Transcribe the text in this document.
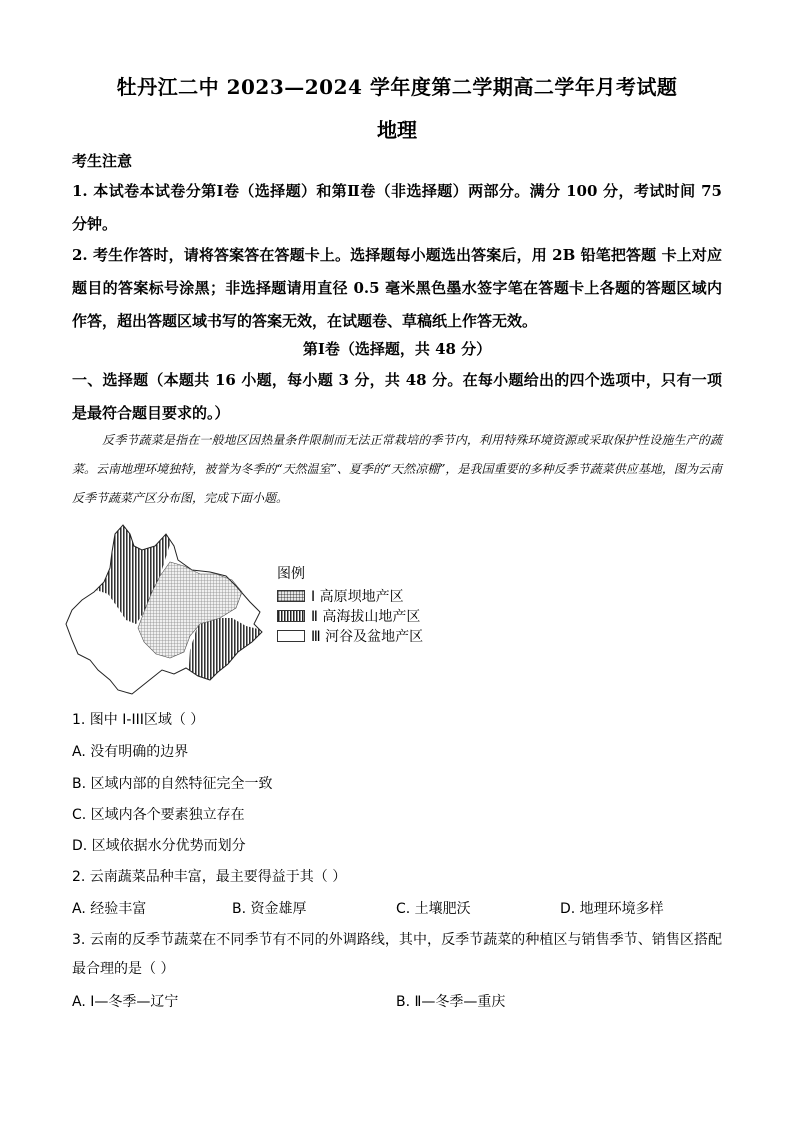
牡丹江二中 2023—2024 学年度第二学期高二学年月考试题
地理
考生注意
1. 本试卷本试卷分第Ⅰ卷（选择题）和第Ⅱ卷（非选择题）两部分。满分 100 分，考试时间 75 分钟。
2. 考生作答时，请将答案答在答题卡上。选择题每小题选出答案后，用 2B 铅笔把答题 卡上对应题目的答案标号涂黑；非选择题请用直径 0.5 毫米黑色墨水签字笔在答题卡上各题的答题区域内作答，超出答题区域书写的答案无效，在试题卷、草稿纸上作答无效。
第Ⅰ卷（选择题，共 48 分）
一、选择题（本题共 16 小题，每小题 3 分，共 48 分。在每小题给出的四个选项中，只有一项是最符合题目要求的。）
反季节蔬菜是指在一般地区因热量条件限制而无法正常栽培的季节内，利用特殊环境资源或采取保护性设施生产的蔬菜。云南地理环境独特，被誉为冬季的“天然温室”、夏季的“天然凉棚”，是我国重要的多种反季节蔬菜供应基地，图为云南反季节蔬菜产区分布图，完成下面小题。
图例
Ⅰ 高原坝地产区
Ⅱ 高海拔山地产区
Ⅲ 河谷及盆地产区
1. 图中 I-III区域（ ）
A. 没有明确的边界
B. 区域内部的自然特征完全一致
C. 区域内各个要素独立存在
D. 区域依据水分优势而划分
2. 云南蔬菜品种丰富，最主要得益于其（ ）
A. 经验丰富	B. 资金雄厚	C. 土壤肥沃	D. 地理环境多样
3. 云南的反季节蔬菜在不同季节有不同的外调路线，其中，反季节蔬菜的种植区与销售季节、销售区搭配最合理的是（ ）
A. Ⅰ—冬季—辽宁	B. Ⅱ—冬季—重庆
